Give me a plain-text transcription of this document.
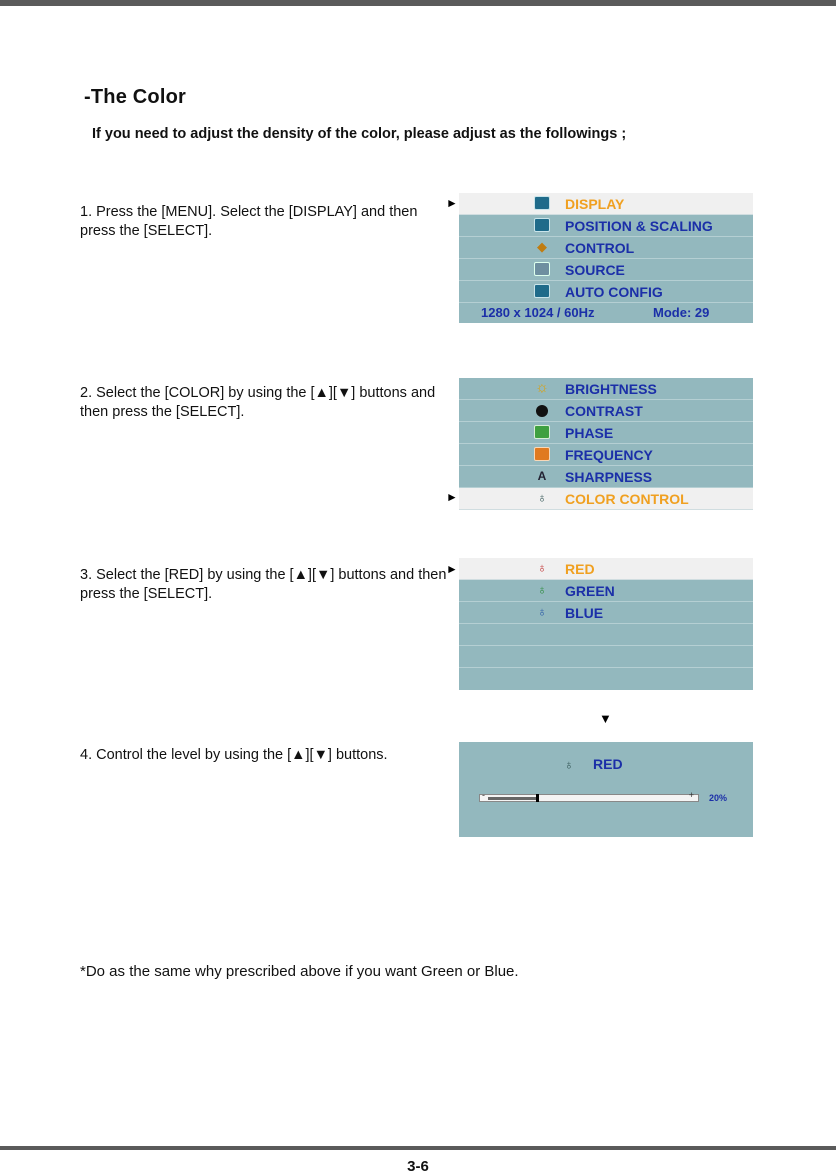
-The Color
If you need to adjust the density of the color, please adjust as the followings ;
1. Press the [MENU]. Select the [DISPLAY] and then press the [SELECT].
►	DISPLAY
POSITION & SCALING
◆ CONTROL
SOURCE
AUTO CONFIG
1280 x 1024 / 60Hz	Mode: 29
2. Select the [COLOR] by using the [▲][▼] buttons and then press the [SELECT].
►
☼ BRIGHTNESS
CONTRAST
PHASE
FREQUENCY
A SHARPNESS
♁ COLOR CONTROL
3. Select the [RED] by using the [▲][▼] buttons and then press the [SELECT].
►	♁ RED
♁ GREEN
♁ BLUE
▼
4. Control the level by using the [▲][▼] buttons.
♁ RED
-	+ 20%
*Do as the same why prescribed above if you want Green or Blue.
3-6
